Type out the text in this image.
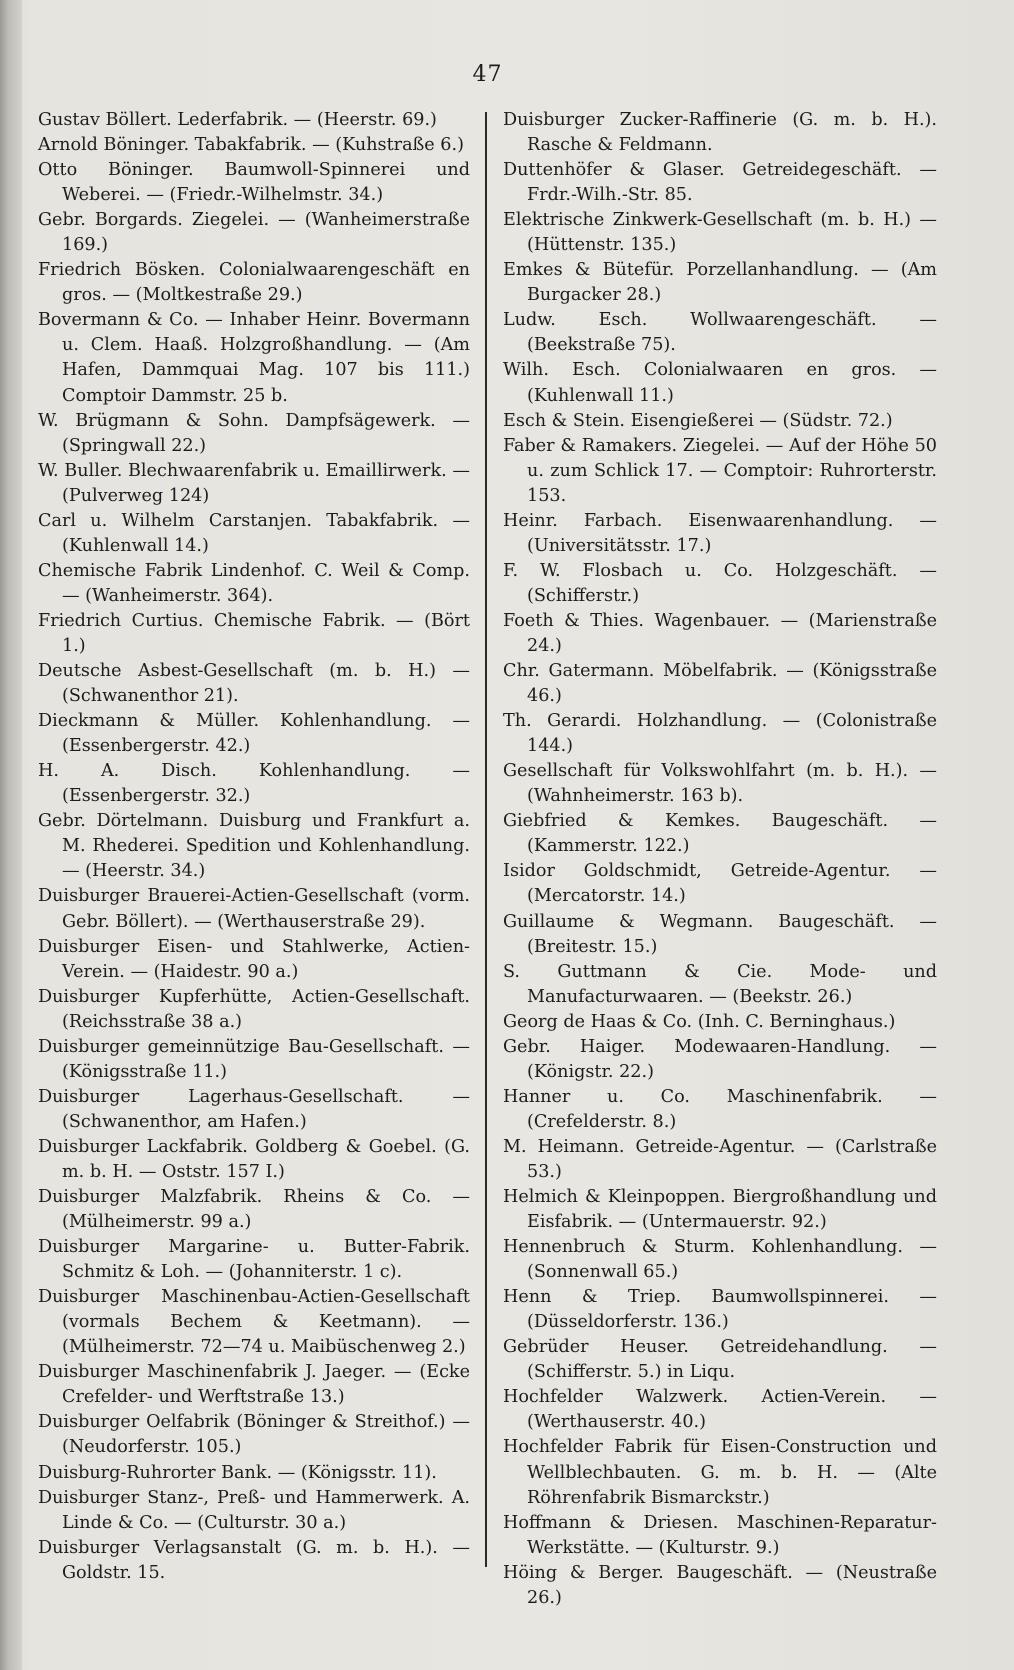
47
Gustav Böllert. Lederfabrik. — (Heerstr. 69.)
Arnold Böninger. Tabakfabrik. — (Kuhstraße 6.)
Otto Böninger. Baumwoll-Spinnerei und Weberei. — (Friedr.-Wilhelmstr. 34.)
Gebr. Borgards. Ziegelei. — (Wanheimerstraße 169.)
Friedrich Bösken. Colonialwaarengeschäft en gros. — (Moltkestraße 29.)
Bovermann & Co. — Inhaber Heinr. Bovermann u. Clem. Haaß. Holzgroßhandlung. — (Am Hafen, Dammquai Mag. 107 bis 111.) Comptoir Dammstr. 25 b.
W. Brügmann & Sohn. Dampfsägewerk. — (Springwall 22.)
W. Buller. Blechwaarenfabrik u. Emaillirwerk. — (Pulverweg 124)
Carl u. Wilhelm Carstanjen. Tabakfabrik. — (Kuhlenwall 14.)
Chemische Fabrik Lindenhof. C. Weil & Comp. — (Wanheimerstr. 364).
Friedrich Curtius. Chemische Fabrik. — (Bört 1.)
Deutsche Asbest-Gesellschaft (m. b. H.) — (Schwanenthor 21).
Dieckmann & Müller. Kohlenhandlung. — (Essenbergerstr. 42.)
H. A. Disch. Kohlenhandlung. — (Essenbergerstr. 32.)
Gebr. Dörtelmann. Duisburg und Frankfurt a. M. Rhederei. Spedition und Kohlenhandlung. — (Heerstr. 34.)
Duisburger Brauerei-Actien-Gesellschaft (vorm. Gebr. Böllert). — (Werthauserstraße 29).
Duisburger Eisen- und Stahlwerke, Actien-Verein. — (Haidestr. 90 a.)
Duisburger Kupferhütte, Actien-Gesellschaft. (Reichsstraße 38 a.)
Duisburger gemeinnützige Bau-Gesellschaft. — (Königsstraße 11.)
Duisburger Lagerhaus-Gesellschaft. — (Schwanenthor, am Hafen.)
Duisburger Lackfabrik. Goldberg & Goebel. (G. m. b. H. — Oststr. 157 I.)
Duisburger Malzfabrik. Rheins & Co. — (Mülheimerstr. 99 a.)
Duisburger Margarine- u. Butter-Fabrik. Schmitz & Loh. — (Johanniterstr. 1 c).
Duisburger Maschinenbau-Actien-Gesellschaft (vormals Bechem & Keetmann). — (Mülheimerstr. 72—74 u. Maibüschenweg 2.)
Duisburger Maschinenfabrik J. Jaeger. — (Ecke Crefelder- und Werftstraße 13.)
Duisburger Oelfabrik (Böninger & Streithof.) — (Neudorferstr. 105.)
Duisburg-Ruhrorter Bank. — (Königsstr. 11).
Duisburger Stanz-, Preß- und Hammerwerk. A. Linde & Co. — (Culturstr. 30 a.)
Duisburger Verlagsanstalt (G. m. b. H.). — Goldstr. 15.
Duisburger Zucker-Raffinerie (G. m. b. H.). Rasche & Feldmann.
Duttenhöfer & Glaser. Getreidegeschäft. — Frdr.-Wilh.-Str. 85.
Elektrische Zinkwerk-Gesellschaft (m. b. H.) — (Hüttenstr. 135.)
Emkes & Bütefür. Porzellanhandlung. — (Am Burgacker 28.)
Ludw. Esch. Wollwaarengeschäft. — (Beekstraße 75).
Wilh. Esch. Colonialwaaren en gros. — (Kuhlenwall 11.)
Esch & Stein. Eisengießerei — (Südstr. 72.)
Faber & Ramakers. Ziegelei. — Auf der Höhe 50 u. zum Schlick 17. — Comptoir: Ruhrorterstr. 153.
Heinr. Farbach. Eisenwaarenhandlung. — (Universitätsstr. 17.)
F. W. Flosbach u. Co. Holzgeschäft. — (Schifferstr.)
Foeth & Thies. Wagenbauer. — (Marienstraße 24.)
Chr. Gatermann. Möbelfabrik. — (Königsstraße 46.)
Th. Gerardi. Holzhandlung. — (Colonistraße 144.)
Gesellschaft für Volkswohlfahrt (m. b. H.). — (Wahnheimerstr. 163 b).
Giebfried & Kemkes. Baugeschäft. — (Kammerstr. 122.)
Isidor Goldschmidt, Getreide-Agentur. — (Mercatorstr. 14.)
Guillaume & Wegmann. Baugeschäft. — (Breitestr. 15.)
S. Guttmann & Cie. Mode- und Manufacturwaaren. — (Beekstr. 26.)
Georg de Haas & Co. (Inh. C. Berninghaus.)
Gebr. Haiger. Modewaaren-Handlung. — (Königstr. 22.)
Hanner u. Co. Maschinenfabrik. — (Crefelderstr. 8.)
M. Heimann. Getreide-Agentur. — (Carlstraße 53.)
Helmich & Kleinpoppen. Biergroßhandlung und Eisfabrik. — (Untermauerstr. 92.)
Hennenbruch & Sturm. Kohlenhandlung. — (Sonnenwall 65.)
Henn & Triep. Baumwollspinnerei. — (Düsseldorferstr. 136.)
Gebrüder Heuser. Getreidehandlung. — (Schifferstr. 5.) in Liqu.
Hochfelder Walzwerk. Actien-Verein. — (Werthauserstr. 40.)
Hochfelder Fabrik für Eisen-Construction und Wellblechbauten. G. m. b. H. — (Alte Röhrenfabrik Bismarckstr.)
Hoffmann & Driesen. Maschinen-Reparatur-Werkstätte. — (Kulturstr. 9.)
Höing & Berger. Baugeschäft. — (Neustraße 26.)
